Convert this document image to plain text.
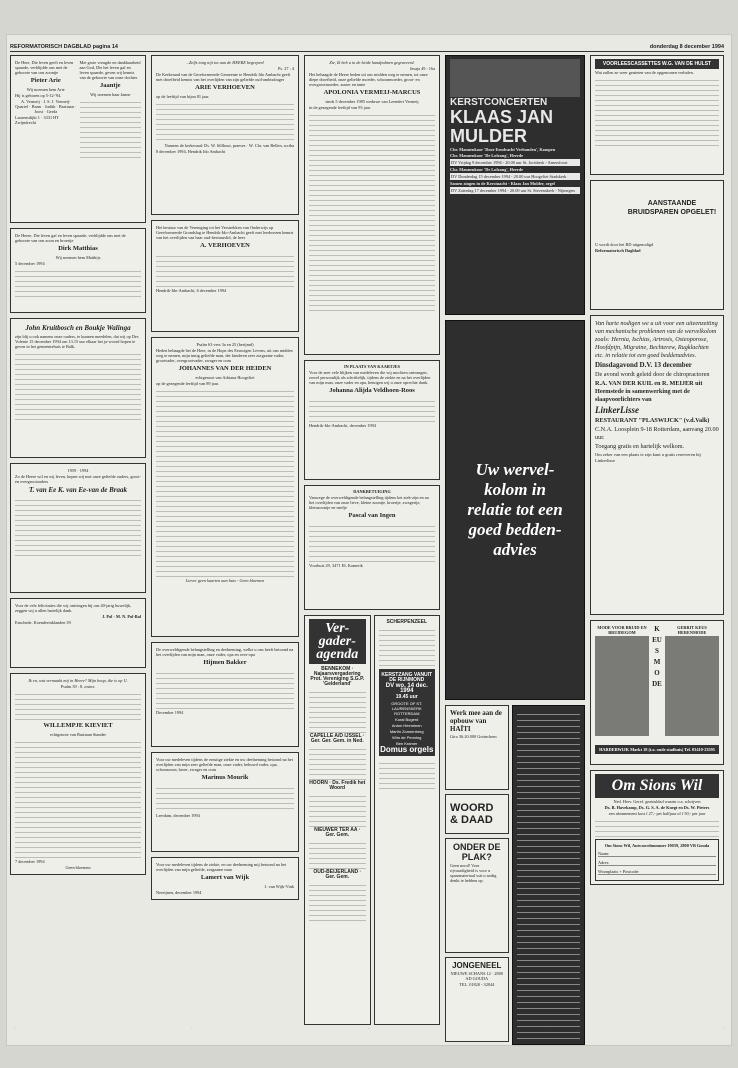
REFORMATORISCH DAGBLAD pagina 14	donderdag 8 december 1994

De Here, Die leven geeft en leven spaarde, verblijdde ons met de geboorte van ons zoontje

Pieter Arie

Wij noemen hem Arie

Hij is geboren op 5-12-'94.

A. Vermeij · J. S. J. Vermeij-Quartel · Bram · Judith · Bastiaan · Joost · Gerda

Laurensdijkt 1 · 3331 HT Zwijndrecht

Met grote vreugde en dankbaarheid aan God, Die het leven gaf en leven spaarde, geven wij kennis van de geboorte van onze dochter

Jaantje

Wij noemen haar Janne

De Heere, Die leven gaf en leven spaarde, verblijdde ons met de geboorte van ons zoon en broertje

Dirk Matthias

Wij noemen hem Matthijs

5 december 1994

John Kruitbosch en Boukje Walinga

zijn blij u ook namens onze ouders, te kunnen meedelen, dat wij op Des Volente 15 december 1994 om 13.15 uur elkaar het ja-woord hopen te geven in het gemeentehuis te Balk.

1959 · 1994

Zo de Heere wil en wij leven, hopen wij met onze geliefde ouders, groot- en overgrootouders

T. van Ee K. van Ee-van de Braak

Voor de vele felicitaties die wij ontvingen bij ons 40-jarig huwelijk, zeggen wij u allen hartelijk dank.

J. Pol · M. N. Pol-Bal

Enschede, Koenderinklanden 39

Ik en, wat vermaakt mij in Heere? Mijn hoop, die is op U.

Psalm 39 : 8, ontwr.

WILLEMPJE KIEVIET

echtgenote van Bastiaan Stander

7 december 1994

Geen bloemen

...Zelfs tong nijt tot aan de HEERE begrepen!

Ps. 27 : 4

De Kerkeraad van de Gereformeerde Gemeente te Hendrik Ido Ambacht geeft met droefheid kennis van het overlijden van zijn geliefde oud-ambtsdrager

ARIE VERHOEVEN

op de leeftijd van bijna 81 jaar.

Namens de kerkeraad: Ds. W. Silfhout, praeses · W. Chr. van Bellen, scriba

8 december 1994, Hendrik Ido Ambacht

Het bestuur van de Vereniging tot het Verstrekken van Onderwijs op Gereformeerde Grondslag te Hendrik-Ido-Ambacht geeft met leedwezen kennis van het overlijden van haar oud-bestuurslid, de heer

A. VERHOEVEN

Hendrik-Ido-Ambacht, 6 december 1994

Psalm 63 vers 3a en 25 (berijmd)

Heden behaagde het de Here, in de Hope des Eeuwigen Levens, uit ons midden weg te nemen, mijn innig geliefde man, der kinderen zeer zorgzame vader, grootvader, overgrootvader, zwager en oom

JOHANNES VAN DER HEIDEN

echtgenoot van Adriana Hoogvliet

op de gezegende leeftijd van 89 jaar.

Liever geen kaarten aan huis - Geen bloemen

De overweldigende belangstelling en deelneming, welke u ons heeft betoond na het overlijden van mijn man, onze vader, opa en over-opa

Hijmen Bakker

December 1994

Voor uw medeleven tijdens de ernstige ziekte en uw deelneming betoond na het overlijden van mijn zeer geliefde man, onze vader, behuwd vader, opa, schoonzoon, broer, zwager en oom

Marinus Mourik

Leerdam, december 1994

Voor uw medeleven tijdens de ziekte, en uw deelneming mij betoond na het overlijden van mijn geliefde, zorgzame man

Lamert van Wijk

J. van Wijk-Vink

Neerijnen, december 1994

Zie, Ik heb u in de beide handpalmen gegraveerd.

Jesaja 49 : 16a

Het behaagde de Heere heden uit ons midden weg te nemen, tot onze diepe droefheid, onze geliefde moeder, schoonmoeder, groot- en overgrootmoeder, zuster en tante

APOLONIA VERMEIJ-MARCUS

sinds 5 december 1985 weduwe van Leendert Vermeij

in de gezegende leeftijd van 93 jaar.

IN PLAATS VAN KAARTJES

Voor de zeer vele blijken van medeleven die wij mochten ontvangen, zowel persoonlijk als schriftelijk, tijdens de ziekte en na het overlijden van mijn man, onze vader en opa, betuigen wij u onze oprechte dank.

Johanna Alijda Veldhoen-Roos

Hendrik-Ido-Ambacht, december 1994

DANKBETUIGING

Vanwege de overweldigende belangstelling tijdens het ziek-zijn en na het overlijden van onze lieve, kleine zoontje, broertje, zwagertje, kleinzoontje en neefje

Pascal van Ingen

Voorhuis 29, 3471 EL Kamerik

Ver-gader-agenda

BENNEKOM · Najaarsvergadering Prot. Vereniging S.G.P. 'Gelderland'

CAPELLE A/D IJSSEL · Ger. Ger. Gem. in Ned.

HOORN · Ds. Fredik het Woord

NIEUWER TER AA · Ger. Gem.

OUD-BEIJERLAND · Ger. Gem.

SCHERPENZEEL

KERSTZANG VANUIT DE RIJNMOND

DV wo. 14 dec. 1994

19.45 uur

GROOTE OF ST. LAURENSKERK ROTTERDAM

Koral Bogerd

Anton Heeminen

Martin Zonnenberg

Wim de Penning

Ben Kramer

Domus orgels

KERSTCONCERTEN
KLAAS JAN MULDER

Chr. Mannenkoor 'Door Eendracht Verbonden', Kampen

Chr. Mannenkoor 'De Lofzang', Heerde

DV Vrijdag 9 december 1994 - 20.00 uur St. Jorisberk - Amersfoort

Chr. Mannenkoor 'De Lofzang', Heerde

DV Donderdag 15 december 1994 - 20.00 uur Hoogvliet Stadskerk

Samen zingen in de Kerstnacht - Klaas Jan Mulder, orgel

DV Zaterdag 17 december 1994 - 20.00 uur St. Stevenskerk - Nijmegen

Uw wervel-kolom in relatie tot een goed bedden-advies
Werk mee aan de opbouw van HAÏTI

Giro 36.20.000 Gorinchem

WOORD & DAAD
ONDER DE PLAK?

Geen nood! Voor rijvaardigheid is voor u spaarmateriaal wat u nodig denkt te hebben op.

JONGENEEL

NIEUWE SCHANS 12 · 2800 AD GOUDA

TEL. 01820 - 32044

VOORLEESCASSETTES W.G. VAN DE HULST

Wat zullen ze weer genieten van de opgenomen verhalen.

AANSTAANDE BRUIDSPAREN OPGELET!

U wordt door het RD uitgenodigd

Reformatorisch Dagblad

Van harte nodigen we u uit voor een uiteenzetting van mechanische problemen van de wervelkolom zoals: Hernia, Ischias, Artrosis, Osteoporose, Hoofdpijn, Migraine, Bechterew, Rugklachten etc. in relatie tot een goed beddenadvies.

Dinsdagavond D.V. 13 december

De avond wordt geleid door de chiropractoren

R.A. VAN DER KUIL en R. MEIJER uit Heemstede in samenwerking met de slaapvoorlichters van

LinkerLisse

RESTAURANT "PLASWIJCK" (v.d.Valk)

C.N.A. Loosplein 9-18 Rotterdam, aanvang 20.00 uur.

Toegang gratis en hartelijk welkom.

Om zeker van een plaats te zijn kunt u gratis reserveren bij Linkerlisse

MODE VOOR BRUID EN BRUIDEGOM	KEUS MODE

GERRIT KEUS HERENMODE

HARDERWIJK Markt 18 (t.o. oude stadhuis) Tel. 03410-23595

Om Sions Wil

Ned. Herv. Geref. gezinsblad waarin o.a. schrijven

Ds. B. Havekamp, Ds. G. S. A. de Knegt en Ds. W. Pieters

een abonnement kost f 27,- per halfjaar of f 50,- per jaar

Om Sions Wil, Antwoordnummer 10039, 2800 VB Gouda

Naam:

Adres:

Woonplaats + Postcode:

·	·	·	·	·
